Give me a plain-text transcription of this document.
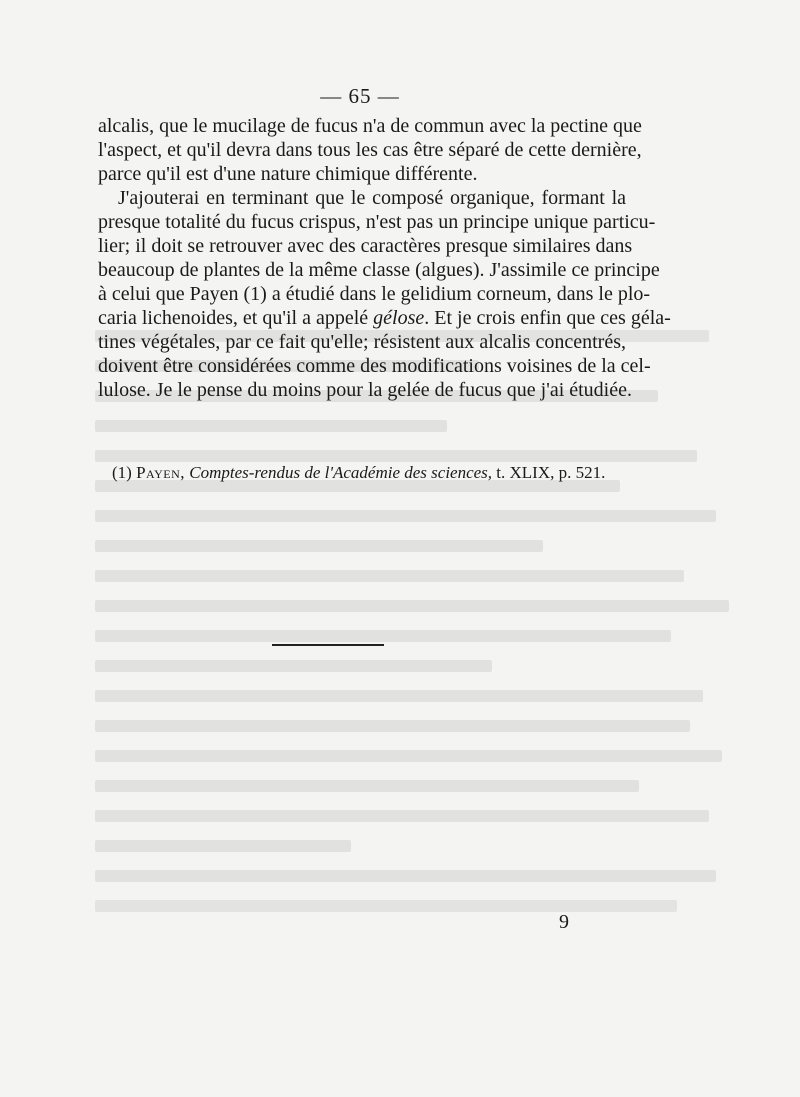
— 65 —
alcalis, que le mucilage de fucus n'a de commun avec la pectine que
l'aspect, et qu'il devra dans tous les cas être séparé de cette dernière,
parce qu'il est d'une nature chimique différente.
J'ajouterai en terminant que le composé organique, formant la
presque totalité du fucus crispus, n'est pas un principe unique particu-
lier; il doit se retrouver avec des caractères presque similaires dans
beaucoup de plantes de la même classe (algues). J'assimile ce principe
à celui que Payen (1) a étudié dans le gelidium corneum, dans le plo-
caria lichenoides, et qu'il a appelé gélose. Et je crois enfin que ces géla-
tines végétales, par ce fait qu'elle; résistent aux alcalis concentrés,
doivent être considérées comme des modifications voisines de la cel-
lulose. Je le pense du moins pour la gelée de fucus que j'ai étudiée.
(1) Payen, Comptes-rendus de l'Académie des sciences, t. XLIX, p. 521.
9
